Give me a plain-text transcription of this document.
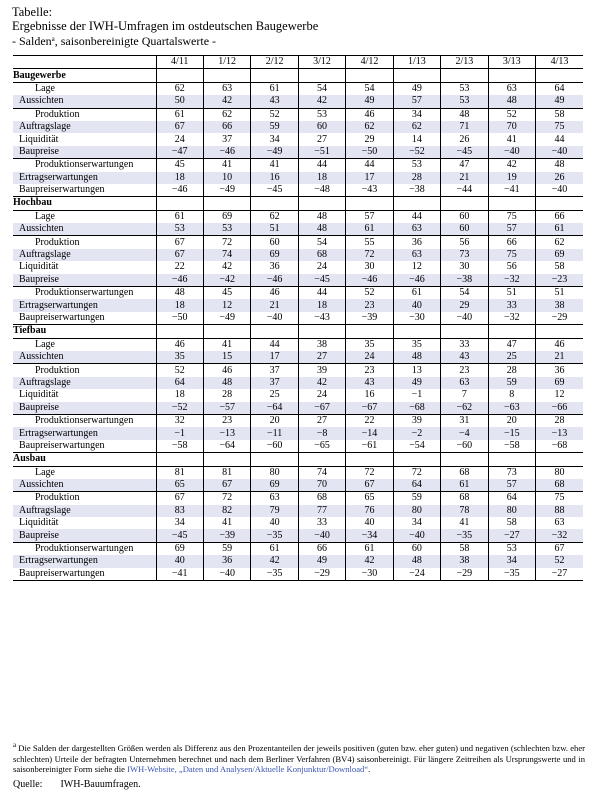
Tabelle:
Ergebnisse der IWH-Umfragen im ostdeutschen Baugewerbe
- Salden$^a$, saisonbereinigte Quartalswerte -
	4/11	1/12	2/12	3/12	4/12	1/13	2/13	3/13	4/13
Baugewerbe									
Lage	62	63	61	54	54	49	53	63	64
Aussichten	50	42	43	42	49	57	53	48	49
Produktion	61	62	52	53	46	34	48	52	58
Auftragslage	67	66	59	60	62	62	71	70	75
Liquidität	24	37	34	27	29	14	26	41	44
Baupreise	−47	−46	−49	−51	−50	−52	−45	−40	−40
Produktionserwartungen	45	41	41	44	44	53	47	42	48
Ertragserwartungen	18	10	16	18	17	28	21	19	26
Baupreiserwartungen	−46	−49	−45	−48	−43	−38	−44	−41	−40
Hochbau									
Lage	61	69	62	48	57	44	60	75	66
Aussichten	53	53	51	48	61	63	60	57	61
Produktion	67	72	60	54	55	36	56	66	62
Auftragslage	67	74	69	68	72	63	73	75	69
Liquidität	22	42	36	24	30	12	30	56	58
Baupreise	−46	−42	−46	−45	−46	−46	−38	−32	−23
Produktionserwartungen	48	45	46	44	52	61	54	51	51
Ertragserwartungen	18	12	21	18	23	40	29	33	38
Baupreiserwartungen	−50	−49	−40	−43	−39	−30	−40	−32	−29
Tiefbau									
Lage	46	41	44	38	35	35	33	47	46
Aussichten	35	15	17	27	24	48	43	25	21
Produktion	52	46	37	39	23	13	23	28	36
Auftragslage	64	48	37	42	43	49	63	59	69
Liquidität	18	28	25	24	16	−1	7	8	12
Baupreise	−52	−57	−64	−67	−67	−68	−62	−63	−66
Produktionserwartungen	32	23	20	27	22	39	31	20	28
Ertragserwartungen	−1	−13	−11	−8	−14	−2	−4	−15	−13
Baupreiserwartungen	−58	−64	−60	−65	−61	−54	−60	−58	−68
Ausbau									
Lage	81	81	80	74	72	72	68	73	80
Aussichten	65	67	69	70	67	64	61	57	68
Produktion	67	72	63	68	65	59	68	64	75
Auftragslage	83	82	79	77	76	80	78	80	88
Liquidität	34	41	40	33	40	34	41	58	63
Baupreise	−45	−39	−35	−40	−34	−40	−35	−27	−32
Produktionserwartungen	69	59	61	66	61	60	58	53	67
Ertragserwartungen	40	36	42	49	42	48	38	34	52
Baupreiserwartungen	−41	−40	−35	−29	−30	−24	−29	−35	−27
$^a$ Die Salden der dargestellten Größen werden als Differenz aus den Prozentanteilen der jeweils positiven (guten bzw. eher guten) und negativen (schlechten bzw. eher schlechten) Urteile der befragten Unternehmen berechnet und nach dem Berliner Verfahren (BV4) saisonbereinigt. Für längere Zeitreihen als Ursprungswerte und in saisonbereinigter Form siehe die IWH-Website, „Daten und Analysen/Aktuelle Konjunktur/Download“.
Quelle: IWH-Bauumfragen.
